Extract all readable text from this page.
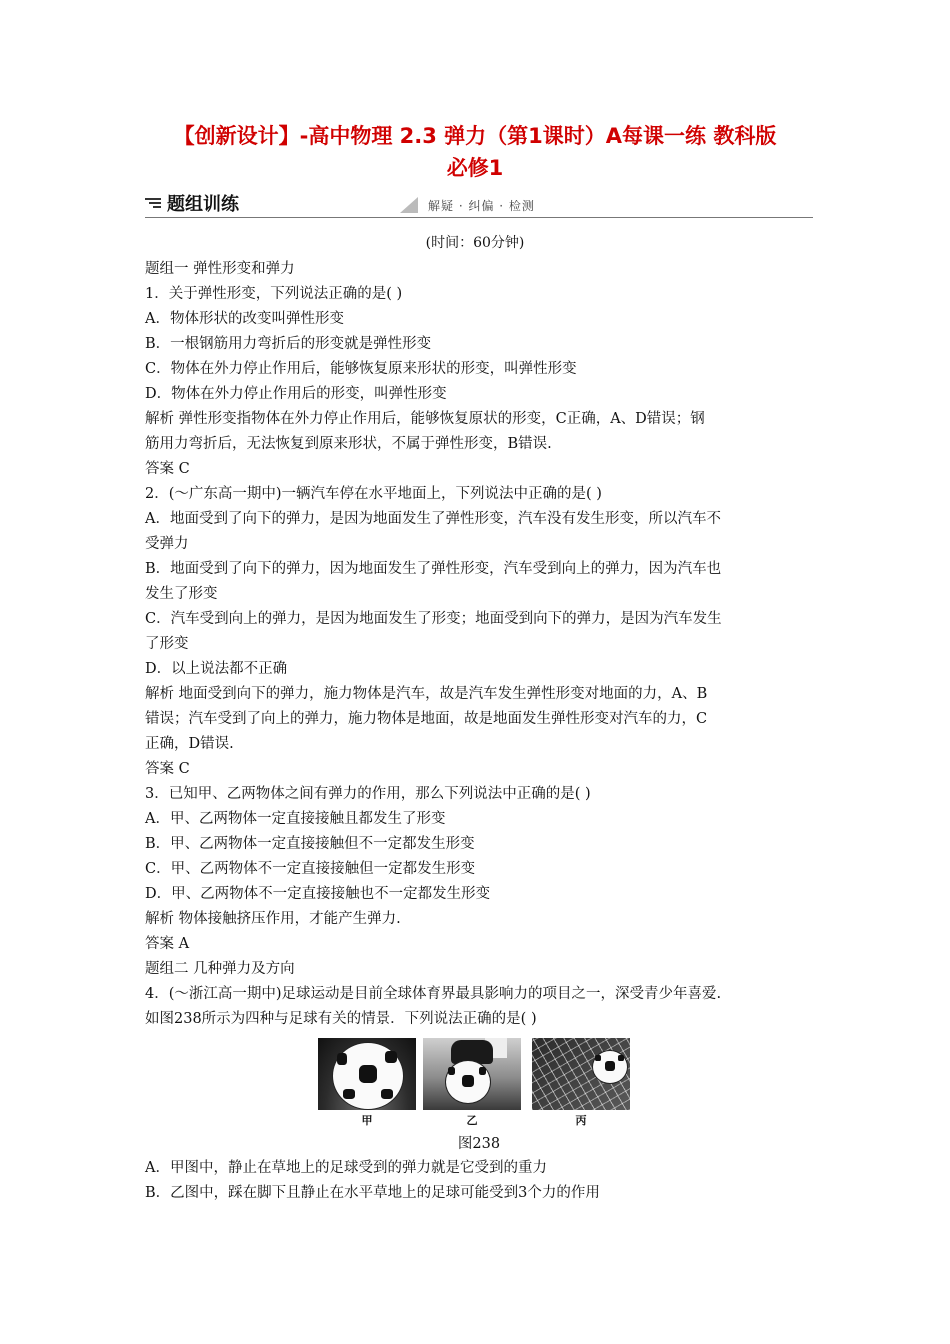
【创新设计】-高中物理 2.3 弹力（第1课时）A每课一练 教科版
必修1
题组训练	解疑 · 纠偏 · 检测
(时间：60分钟)

题组一 弹性形变和弹力

1．关于弹性形变，下列说法正确的是( )

A．物体形状的改变叫弹性形变

B．一根钢筋用力弯折后的形变就是弹性形变

C．物体在外力停止作用后，能够恢复原来形状的形变，叫弹性形变

D．物体在外力停止作用后的形变，叫弹性形变

解析 弹性形变指物体在外力停止作用后，能够恢复原状的形变，C正确，A、D错误；钢

筋用力弯折后，无法恢复到原来形状，不属于弹性形变，B错误.

答案 C

2．(～广东高一期中)一辆汽车停在水平地面上，下列说法中正确的是( )

A．地面受到了向下的弹力，是因为地面发生了弹性形变，汽车没有发生形变，所以汽车不

受弹力

B．地面受到了向下的弹力，因为地面发生了弹性形变，汽车受到向上的弹力，因为汽车也

发生了形变

C．汽车受到向上的弹力，是因为地面发生了形变；地面受到向下的弹力，是因为汽车发生

了形变

D．以上说法都不正确

解析 地面受到向下的弹力，施力物体是汽车，故是汽车发生弹性形变对地面的力，A、B

错误；汽车受到了向上的弹力，施力物体是地面，故是地面发生弹性形变对汽车的力，C

正确，D错误.

答案 C

3．已知甲、乙两物体之间有弹力的作用，那么下列说法中正确的是( )

A．甲、乙两物体一定直接接触且都发生了形变

B．甲、乙两物体一定直接接触但不一定都发生形变

C．甲、乙两物体不一定直接接触但一定都发生形变

D．甲、乙两物体不一定直接接触也不一定都发生形变

解析 物体接触挤压作用，才能产生弹力.

答案 A

题组二 几种弹力及方向

4．(～浙江高一期中)足球运动是目前全球体育界最具影响力的项目之一，深受青少年喜爱.

如图238所示为四种与足球有关的情景．下列说法正确的是( )

甲	乙	丙
图238

A．甲图中，静止在草地上的足球受到的弹力就是它受到的重力

B．乙图中，踩在脚下且静止在水平草地上的足球可能受到3个力的作用
